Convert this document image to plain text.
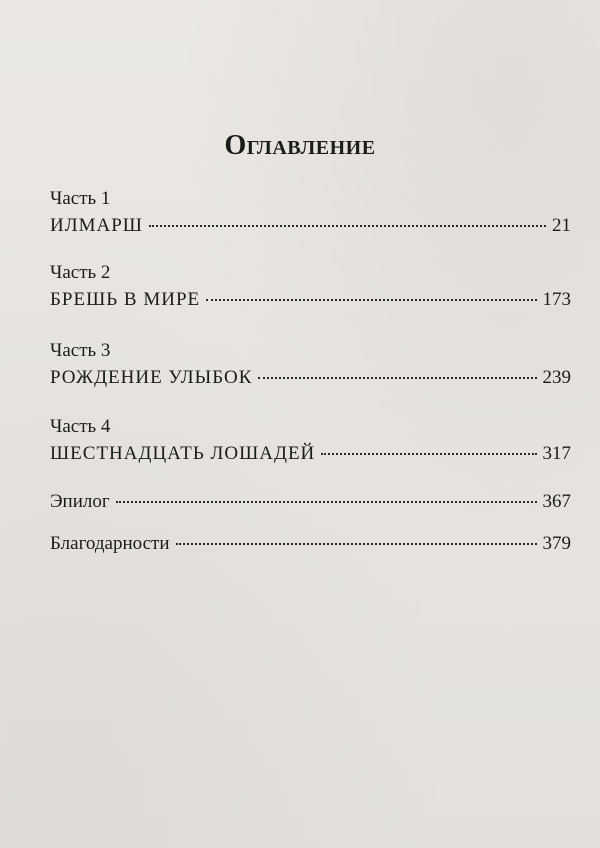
Оглавление
Часть 1
ИЛМАРШ	21
Часть 2
БРЕШЬ В МИРЕ	173
Часть 3
РОЖДЕНИЕ УЛЫБОК	239
Часть 4
ШЕСТНАДЦАТЬ ЛОШАДЕЙ	317
Эпилог	367
Благодарности	379
